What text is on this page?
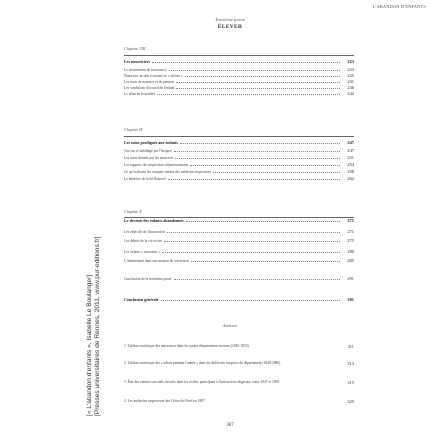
L'ABANDON D'ENFANTS
Troisième partie
ÉLEVER
[« L'abandon d'enfants », Isabelle Le Boulanger] [Presses universitaires de Rennes, 2011, www.pur-editions.fr]
Chapitre VIII
Les nourriciers	223
Le recrutement de la nourrice	223
Nourrices au sein et nourrices « sèches »	225
Les mois de nourrice et de pension	231
Les conditions d'accueil de l'enfant	236
Le bilan en la matière	242
Chapitre IX
Les soins prodigués aux enfants	247
Vaccins et habillage par l'hospice	247
Les soins donnés par les nourrices	251
Les rapports des inspecteurs départementaux	254
Ce qu'en disent les comptes rendus des médecins inspecteurs	258
Le bénéfice de la loi Roussel	262
Chapitre X
Le devenir des enfants abandonnés	271
Les objectifs de l'instruction	271
Les débuts de la vie active	275
Les enfants « insoumis »	280
L'internement dans une maison de correction	285
Conclusion de la troisième partie	291
Conclusion générale	301
Annexes
1. Tableau statistique des naissances dans les quatre départements bretons (1826-1853)	311
2. Tableau statistique des « admis pendant l'année » dans les différents hospices du département (1840-1886)	313
3. État des enfants vaccinés, inscrits dans les écoles, participant à l'instruction religieuse, entre 1847 et 1859	315
4. Les médecins inspecteurs des Côtes-du-Nord en 1897	325
367
